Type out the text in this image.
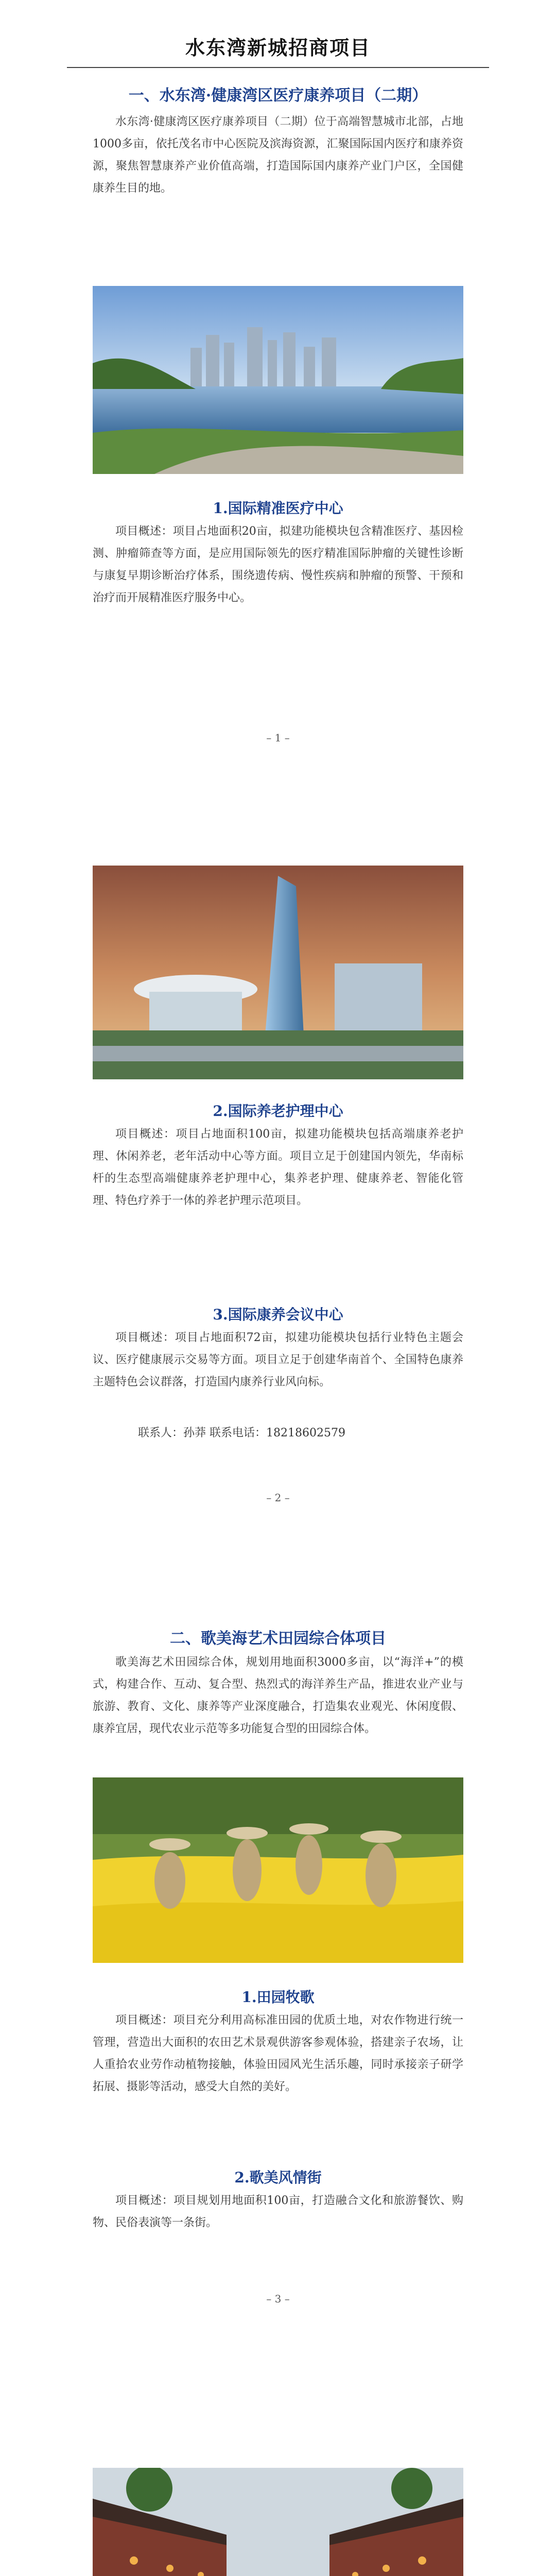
水东湾新城招商项目
一、水东湾·健康湾区医疗康养项目（二期）
水东湾·健康湾区医疗康养项目（二期）位于高端智慧城市北部，占地1000多亩，依托茂名市中心医院及滨海资源，汇聚国际国内医疗和康养资源，聚焦智慧康养产业价值高端，打造国际国内康养产业门户区，全国健康养生目的地。
1.国际精准医疗中心
项目概述：项目占地面积20亩，拟建功能模块包含精准医疗、基因检测、肿瘤筛查等方面，是应用国际领先的医疗精准国际肿瘤的关键性诊断与康复早期诊断治疗体系，围绕遗传病、慢性疾病和肿瘤的预警、干预和治疗而开展精准医疗服务中心。
– 1 –
2.国际养老护理中心
项目概述：项目占地面积100亩，拟建功能模块包括高端康养老护理、休闲养老，老年活动中心等方面。项目立足于创建国内领先，华南标杆的生态型高端健康养老护理中心，集养老护理、健康养老、智能化管理、特色疗养于一体的养老护理示范项目。
3.国际康养会议中心
项目概述：项目占地面积72亩，拟建功能模块包括行业特色主题会议、医疗健康展示交易等方面。项目立足于创建华南首个、全国特色康养主题特色会议群落，打造国内康养行业风向标。
联系人：孙莽 联系电话：18218602579
– 2 –
二、歌美海艺术田园综合体项目
歌美海艺术田园综合体，规划用地面积3000多亩，以“海洋+”的模式，构建合作、互动、复合型、热烈式的海洋养生产品，推进农业产业与旅游、教育、文化、康养等产业深度融合，打造集农业观光、休闲度假、康养宜居，现代农业示范等多功能复合型的田园综合体。
1.田园牧歌
项目概述：项目充分利用高标准田园的优质土地，对农作物进行统一管理，营造出大面积的农田艺术景观供游客参观体验，搭建亲子农场，让人重拾农业劳作动植物接触，体验田园风光生活乐趣，同时承接亲子研学拓展、摄影等活动，感受大自然的美好。
2.歌美风情街
项目概述：项目规划用地面积100亩，打造融合文化和旅游餐饮、购物、民俗表演等一条街。
– 3 –
